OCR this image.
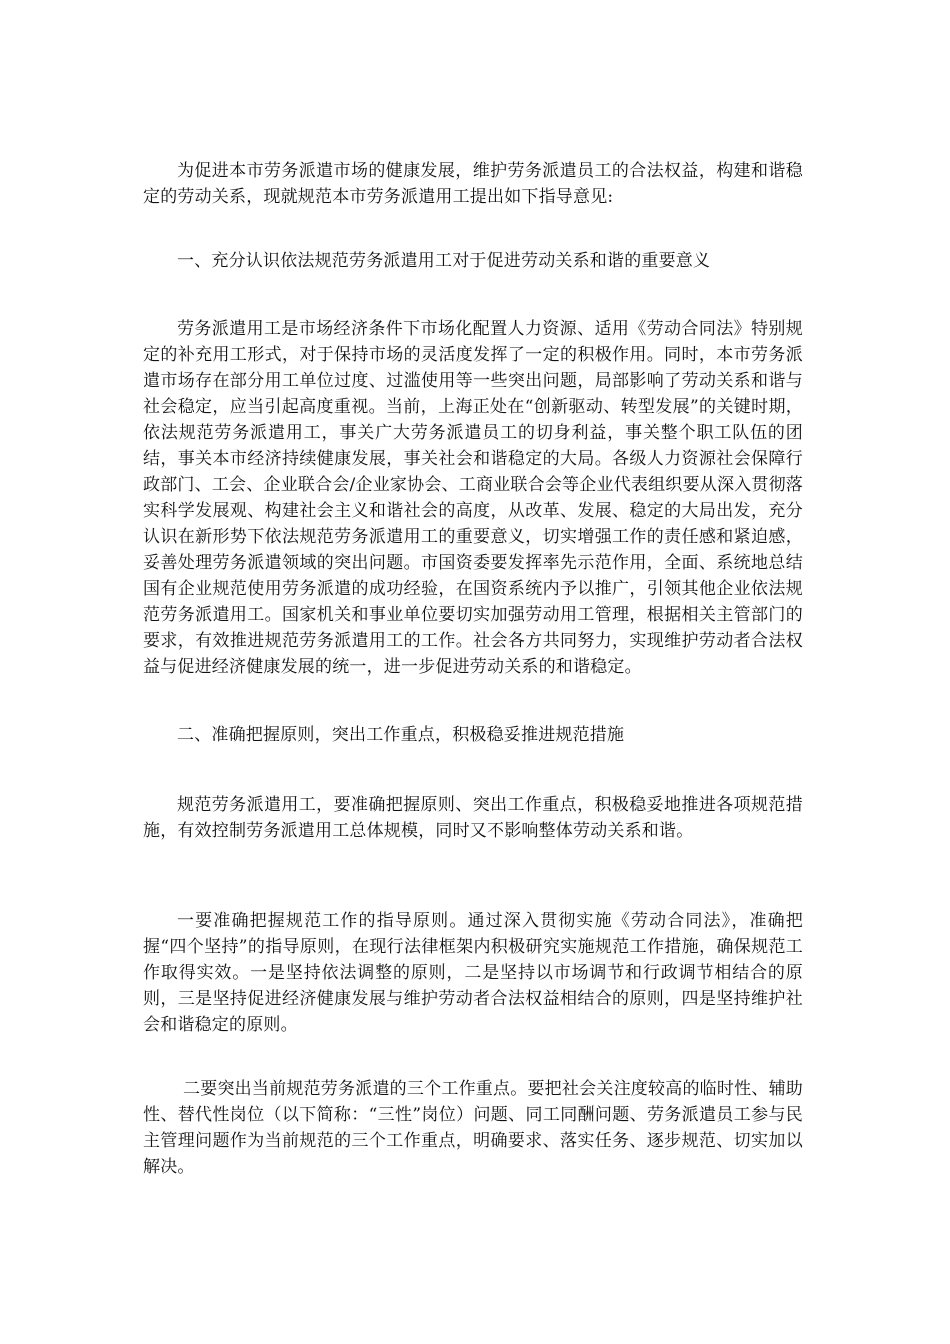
为促进本市劳务派遣市场的健康发展，维护劳务派遣员工的合法权益，构建和谐稳定的劳动关系，现就规范本市劳务派遣用工提出如下指导意见:

一、充分认识依法规范劳务派遣用工对于促进劳动关系和谐的重要意义

劳务派遣用工是市场经济条件下市场化配置人力资源、适用《劳动合同法》特别规定的补充用工形式，对于保持市场的灵活度发挥了一定的积极作用。同时，本市劳务派遣市场存在部分用工单位过度、过滥使用等一些突出问题，局部影响了劳动关系和谐与社会稳定，应当引起高度重视。当前，上海正处在“创新驱动、转型发展”的关键时期，依法规范劳务派遣用工，事关广大劳务派遣员工的切身利益，事关整个职工队伍的团结，事关本市经济持续健康发展，事关社会和谐稳定的大局。各级人力资源社会保障行政部门、工会、企业联合会/企业家协会、工商业联合会等企业代表组织要从深入贯彻落实科学发展观、构建社会主义和谐社会的高度，从改革、发展、稳定的大局出发，充分认识在新形势下依法规范劳务派遣用工的重要意义，切实增强工作的责任感和紧迫感，妥善处理劳务派遣领域的突出问题。市国资委要发挥率先示范作用，全面、系统地总结国有企业规范使用劳务派遣的成功经验，在国资系统内予以推广，引领其他企业依法规范劳务派遣用工。国家机关和事业单位要切实加强劳动用工管理，根据相关主管部门的要求，有效推进规范劳务派遣用工的工作。社会各方共同努力，实现维护劳动者合法权益与促进经济健康发展的统一，进一步促进劳动关系的和谐稳定。

二、准确把握原则，突出工作重点，积极稳妥推进规范措施

规范劳务派遣用工，要准确把握原则、突出工作重点，积极稳妥地推进各项规范措施，有效控制劳务派遣用工总体规模，同时又不影响整体劳动关系和谐。

一要准确把握规范工作的指导原则。通过深入贯彻实施《劳动合同法》，准确把握“四个坚持”的指导原则，在现行法律框架内积极研究实施规范工作措施，确保规范工作取得实效。一是坚持依法调整的原则，二是坚持以市场调节和行政调节相结合的原则，三是坚持促进经济健康发展与维护劳动者合法权益相结合的原则，四是坚持维护社会和谐稳定的原则。

二要突出当前规范劳务派遣的三个工作重点。要把社会关注度较高的临时性、辅助性、替代性岗位（以下简称：“三性”岗位）问题、同工同酬问题、劳务派遣员工参与民主管理问题作为当前规范的三个工作重点，明确要求、落实任务、逐步规范、切实加以解决。
